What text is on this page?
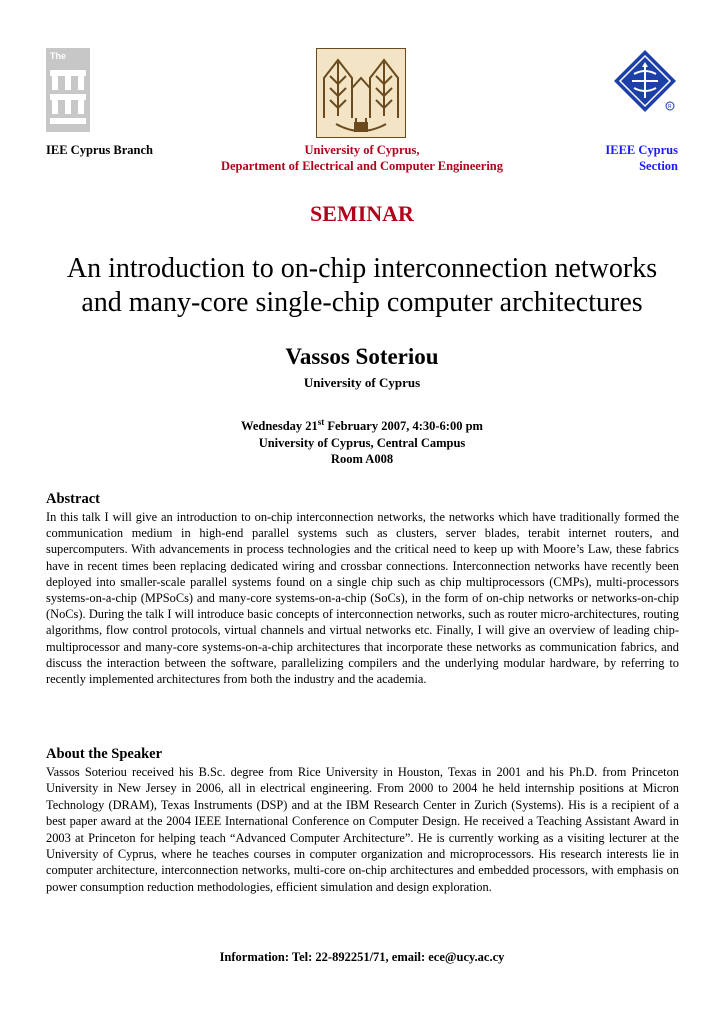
The
R
IEE Cyprus Branch	University of Cyprus,
Department of Electrical and Computer Engineering
IEEE Cyprus
Section
SEMINAR
An introduction to on-chip interconnection networks
and many-core single-chip computer architectures
Vassos Soteriou
University of Cyprus
Wednesday 21st February 2007, 4:30-6:00 pm
University of Cyprus, Central Campus
Room A008
Abstract
In this talk I will give an introduction to on-chip interconnection networks, the networks which have traditionally formed the communication medium in high-end parallel systems such as clusters, server blades, terabit internet routers, and supercomputers. With advancements in process technologies and the critical need to keep up with Moore’s Law, these fabrics have in recent times been replacing dedicated wiring and crossbar connections. Interconnection networks have recently been deployed into smaller-scale parallel systems found on a single chip such as chip multiprocessors (CMPs), multi-processors systems-on-a-chip (MPSoCs) and many-core systems-on-a-chip (SoCs), in the form of on-chip networks or networks-on-chip (NoCs). During the talk I will introduce basic concepts of interconnection networks, such as router micro-architectures, routing algorithms, flow control protocols, virtual channels and virtual networks etc. Finally, I will give an overview of leading chip-multiprocessor and many-core systems-on-a-chip architectures that incorporate these networks as communication fabrics, and discuss the interaction between the software, parallelizing compilers and the underlying modular hardware, by referring to recently implemented architectures from both the industry and the academia.
About the Speaker
Vassos Soteriou received his B.Sc. degree from Rice University in Houston, Texas in 2001 and his Ph.D. from Princeton University in New Jersey in 2006, all in electrical engineering. From 2000 to 2004 he held internship positions at Micron Technology (DRAM), Texas Instruments (DSP) and at the IBM Research Center in Zurich (Systems). His is a recipient of a best paper award at the 2004 IEEE International Conference on Computer Design. He received a Teaching Assistant Award in 2003 at Princeton for helping teach “Advanced Computer Architecture”. He is currently working as a visiting lecturer at the University of Cyprus, where he teaches courses in computer organization and microprocessors. His research interests lie in computer architecture, interconnection networks, multi-core on-chip architectures and embedded processors, with emphasis on power consumption reduction methodologies, efficient simulation and design exploration.
Information: Tel: 22-892251/71, email: ece@ucy.ac.cy
